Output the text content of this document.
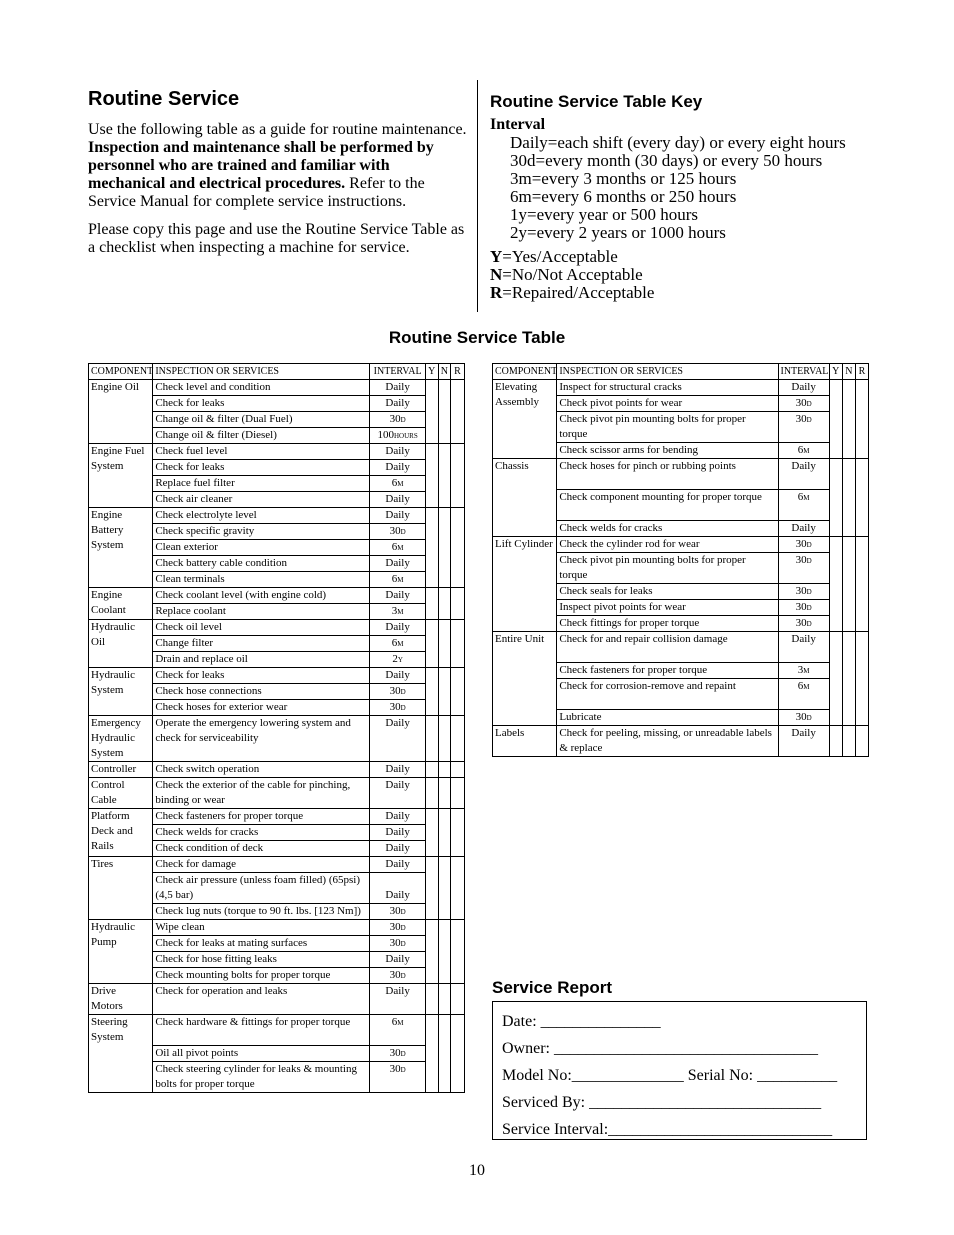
Routine Service

Use the following table as a guide for routine maintenance. Inspection and maintenance shall be performed by personnel who are trained and familiar with mechanical and electrical procedures. Refer to the Service Manual for complete service instructions.

Please copy this page and use the Routine Service Table as a checklist when inspecting a machine for service.

Routine Service Table Key
Interval
Daily=each shift (every day) or every eight hours
30d=every month (30 days) or every 50 hours
3m=every 3 months or 125 hours
6m=every 6 months or 250 hours
1y=every year or 500 hours
2y=every 2 years or 1000 hours
Y=Yes/Acceptable
N=No/Not Acceptable
R=Repaired/Acceptable
Routine Service Table
COMPONENT	INSPECTION OR SERVICES	INTERVAL	Y	N	R
Engine Oil	Check level and condition	Daily			
	Check for leaks	Daily			
	Change oil & filter (Dual Fuel)	30d			
	Change oil & filter (Diesel)	100hours			
Engine Fuel System	Check fuel level	Daily			
	Check for leaks	Daily			
	Replace fuel filter	6m			
	Check air cleaner	Daily			
Engine Battery System	Check electrolyte level	Daily			
	Check specific gravity	30d			
	Clean exterior	6m			
	Check battery cable condition	Daily			
	Clean terminals	6m			
Engine Coolant	Check coolant level (with engine cold)	Daily			
	Replace coolant	3m			
Hydraulic Oil	Check oil level	Daily			
	Change filter	6m			
	Drain and replace oil	2y			
Hydraulic System	Check for leaks	Daily			
	Check hose connections	30d			
	Check hoses for exterior wear	30d			
Emergency Hydraulic System	Operate the emergency lowering system and check for serviceability	Daily			
Controller	Check switch operation	Daily			
Control Cable	Check the exterior of the cable for pinching, binding or wear	Daily			
Platform Deck and Rails	Check fasteners for proper torque	Daily			
	Check welds for cracks	Daily			
	Check condition of deck	Daily			
Tires	Check for damage	Daily			
	Check air pressure (unless foam filled) (65psi) (4,5 bar)	Daily			
	Check lug nuts (torque to 90 ft. lbs. [123 Nm])	30d			
Hydraulic Pump	Wipe clean	30d			
	Check for leaks at mating surfaces	30d			
	Check for hose fitting leaks	Daily			
	Check mounting bolts for proper torque	30d			
Drive Motors	Check for operation and leaks	Daily			
Steering System	Check hardware & fittings for proper torque	6m			
	Oil all pivot points	30d			
	Check steering cylinder for leaks & mounting bolts for proper torque	30d			
COMPONENT	INSPECTION OR SERVICES	INTERVAL	Y	N	R
Elevating Assembly	Inspect for structural cracks	Daily			
	Check pivot points for wear	30d			
	Check pivot pin mounting bolts for proper torque	30d			
	Check scissor arms for bending	6m			
Chassis	Check hoses for pinch or rubbing points	Daily			
	Check component mounting for proper torque	6m			
	Check welds for cracks	Daily			
Lift Cylinder	Check the cylinder rod for wear	30d			
	Check pivot pin mounting bolts for proper torque	30d			
	Check seals for leaks	30d			
	Inspect pivot points for wear	30d			
	Check fittings for proper torque	30d			
Entire Unit	Check for and repair collision damage	Daily			
	Check fasteners for proper torque	3m			
	Check for corrosion-remove and repaint	6m			
	Lubricate	30d			
Labels	Check for peeling, missing, or unreadable labels & replace	Daily			
Service Report
Date: _______________
Owner: _________________________________
Model No:______________ Serial No: __________
Serviced By: _____________________________
Service Interval:____________________________
10
